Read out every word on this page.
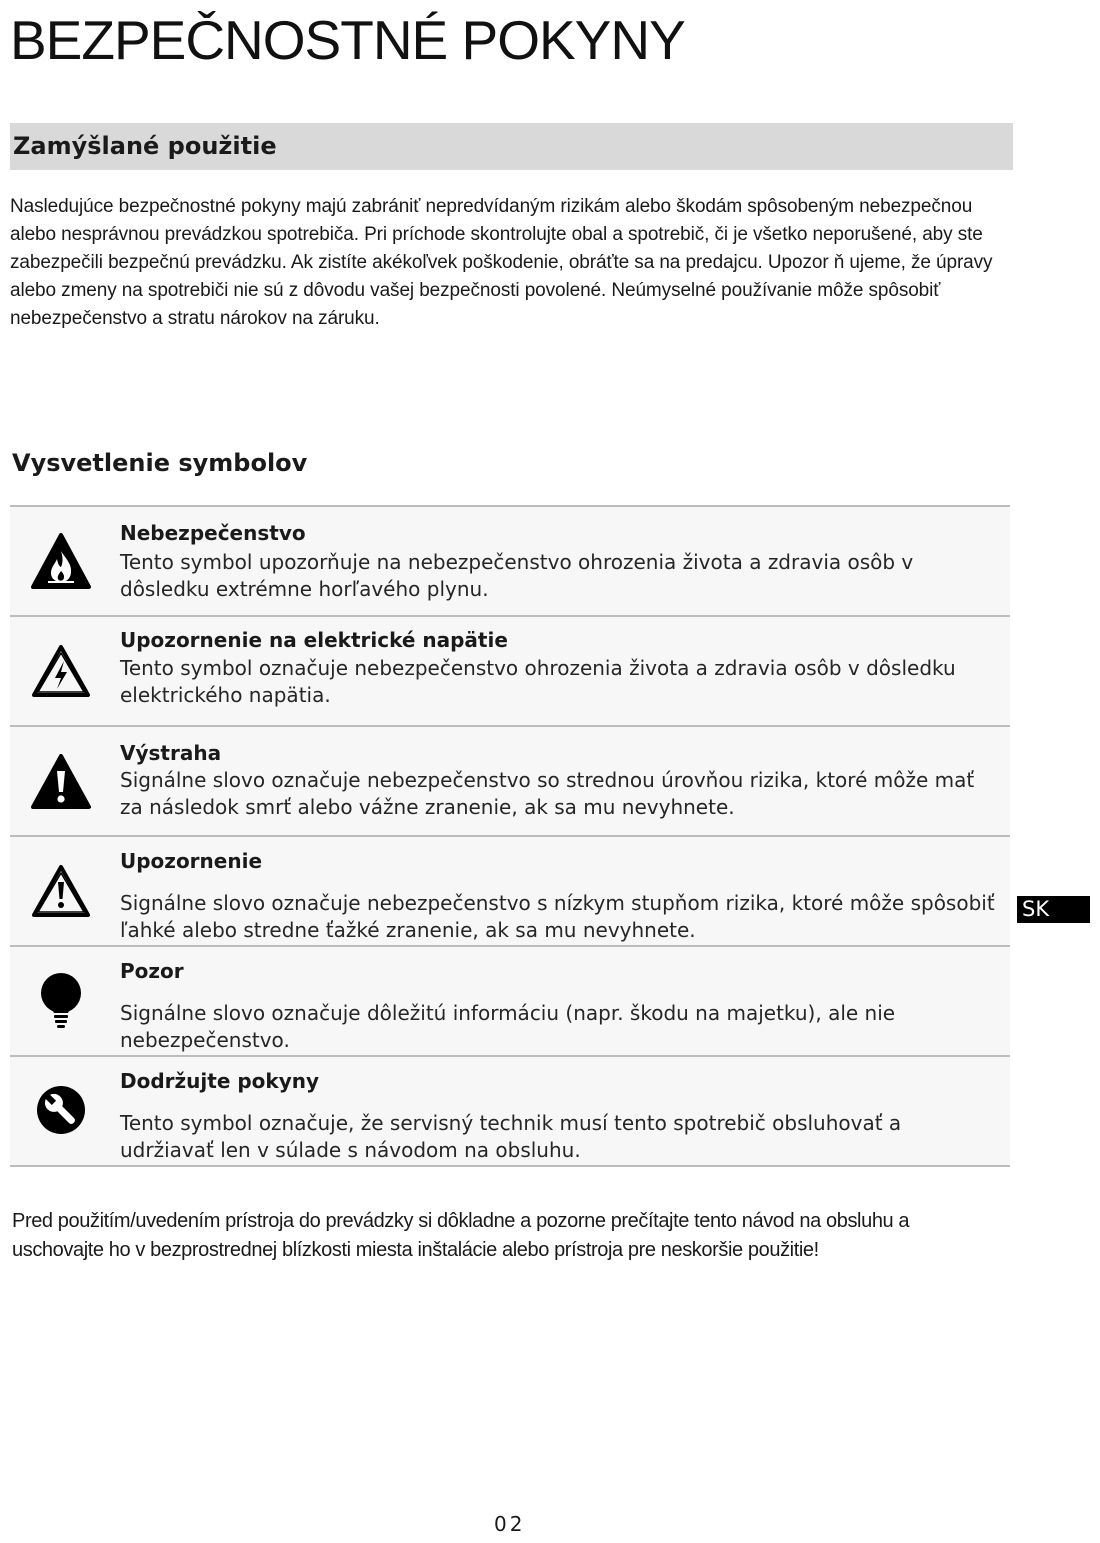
BEZPEČNOSTNÉ POKYNY
Zamýšlané použitie

Nasledujúce bezpečnostné pokyny majú zabrániť nepredvídaným rizikám alebo škodám spôsobeným nebezpečnou alebo nesprávnou prevádzkou spotrebiča. Pri príchode skontrolujte obal a spotrebič, či je všetko neporušené, aby ste zabezpečili bezpečnú prevádzku. Ak zistíte akékoľvek poškodenie, obráťte sa na predajcu. Upozor ň ujeme, že úpravy alebo zmeny na spotrebiči nie sú z dôvodu vašej bezpečnosti povolené. Neúmyselné používanie môže spôsobiť nebezpečenstvo a stratu nárokov na záruku.

Vysvetlenie symbolov

Nebezpečenstvo

Tento symbol upozorňuje na nebezpečenstvo ohrozenia života a zdravia osôb v dôsledku extrémne horľavého plynu.

Upozornenie na elektrické napätie

Tento symbol označuje nebezpečenstvo ohrozenia života a zdravia osôb v dôsledku elektrického napätia.

Výstraha

Signálne slovo označuje nebezpečenstvo so strednou úrovňou rizika, ktoré môže mať za následok smrť alebo vážne zranenie, ak sa mu nevyhnete.

Upozornenie

Signálne slovo označuje nebezpečenstvo s nízkym stupňom rizika, ktoré môže spôsobiť ľahké alebo stredne ťažké zranenie, ak sa mu nevyhnete.

Pozor

Signálne slovo označuje dôležitú informáciu (napr. škodu na majetku), ale nie nebezpečenstvo.

Dodržujte pokyny

Tento symbol označuje, že servisný technik musí tento spotrebič obsluhovať a udržiavať len v súlade s návodom na obsluhu.

Pred použitím/uvedením prístroja do prevádzky si dôkladne a pozorne prečítajte tento návod na obsluhu a uschovajte ho v bezprostrednej blízkosti miesta inštalácie alebo prístroja pre neskoršie použitie!

SK

02
